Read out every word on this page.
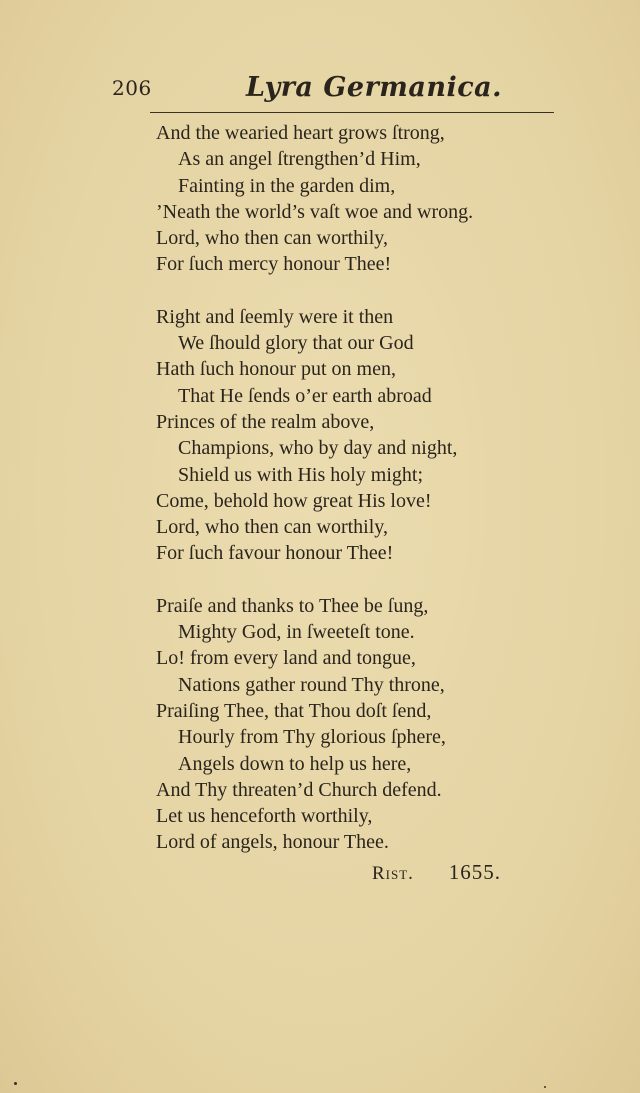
206	Lyra Germanica.
And the wearied heart grows ſtrong,
As an angel ſtrengthen’d Him,
Fainting in the garden dim,
’Neath the world’s vaſt woe and wrong.
Lord, who then can worthily,
For ſuch mercy honour Thee!
Right and ſeemly were it then
We ſhould glory that our God
Hath ſuch honour put on men,
That He ſends o’er earth abroad
Princes of the realm above,
Champions, who by day and night,
Shield us with His holy might;
Come, behold how great His love!
Lord, who then can worthily,
For ſuch favour honour Thee!
Praiſe and thanks to Thee be ſung,
Mighty God, in ſweeteſt tone.
Lo! from every land and tongue,
Nations gather round Thy throne,
Praiſing Thee, that Thou doſt ſend,
Hourly from Thy glorious ſphere,
Angels down to help us here,
And Thy threaten’d Church defend.
Let us henceforth worthily,
Lord of angels, honour Thee.
Rist. 1655.
